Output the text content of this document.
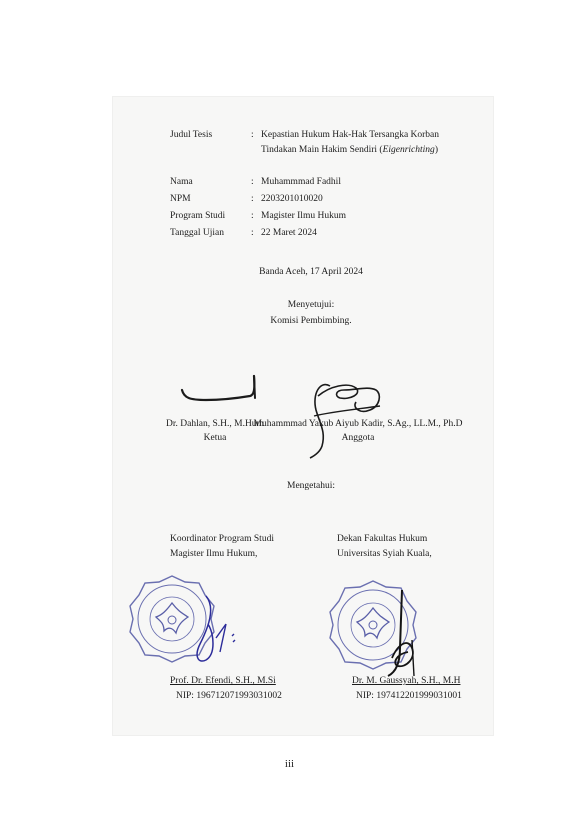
Judul Tesis	: Kepastian Hukum Hak-Hak Tersangka Korban
Tindakan Main Hakim Sendiri (Eigenrichting)
Nama	: Muhammmad Fadhil
NPM	: 2203201010020
Program Studi	: Magister Ilmu Hukum
Tanggal Ujian	: 22 Maret 2024
Banda Aceh, 17 April 2024
Menyetujui:
Komisi Pembimbing.
Dr. Dahlan, S.H., M.Hum
Ketua
Muhammmad Yakub Aiyub Kadir, S.Ag., LL.M., Ph.D
Anggota
Mengetahui:
Koordinator Program Studi
Magister Ilmu Hukum,
Dekan Fakultas Hukum
Universitas Syiah Kuala,
Prof. Dr. Efendi, S.H., M.Si
NIP: 196712071993031002
Dr. M. Gaussyah, S.H., M.H
NIP: 197412201999031001
iii
